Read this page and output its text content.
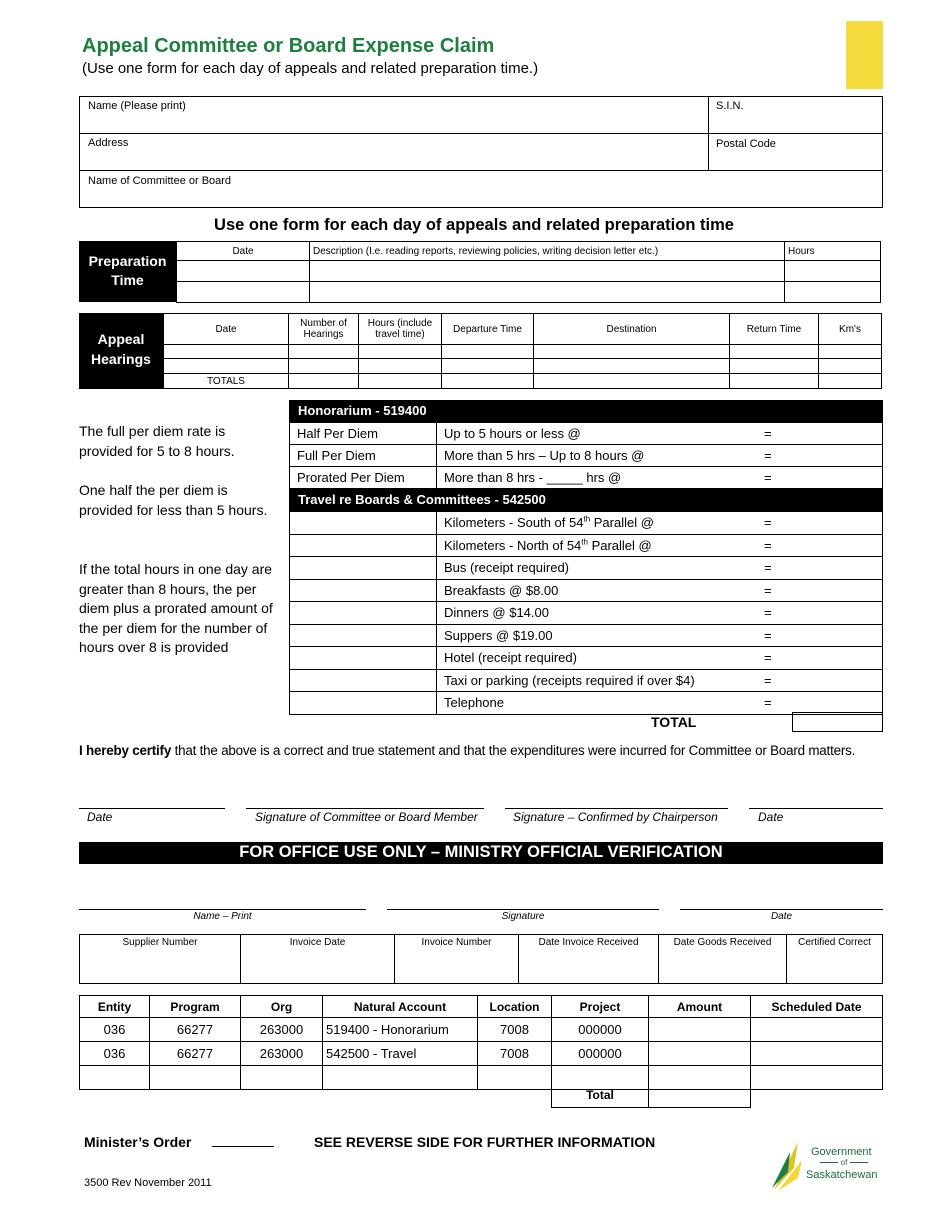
Appeal Committee or Board Expense Claim
(Use one form for each day of appeals and related preparation time.)
Name (Please print)	S.I.N.
Address	Postal Code
Name of Committee or Board
Use one form for each day of appeals and related preparation time
Preparation Time
Date	Description (I.e. reading reports, reviewing policies, writing decision letter etc.)	Hours

Appeal Hearings
Date	Number of Hearings	Hours (include travel time)	Departure Time	Destination	Return Time	Km's

TOTALS						
The full per diem rate is provided for 5 to 8 hours.
One half the per diem is provided for less than 5 hours.
If the total hours in one day are greater than 8 hours, the per diem plus a prorated amount of the per diem for the number of hours over 8 is provided
Honorarium - 519400
Half Per Diem	Up to 5 hours or less @ =

Full Per Diem	More than 5 hrs – Up to 8 hours @ =

Prorated Per Diem	More than 8 hrs - _____ hrs @ =
Travel re Boards & Committees - 542500
	Kilometers - South of 54th Parallel @ =

	Kilometers - North of 54th Parallel @ =

	Bus (receipt required) =

	Breakfasts @ $8.00 =

	Dinners @ $14.00 =

	Suppers @ $19.00 =

	Hotel (receipt required) =

	Taxi or parking (receipts required if over $4) =

	Telephone =
TOTAL
I hereby certify that the above is a correct and true statement and that the expenditures were incurred for Committee or Board matters.
Date	Signature of Committee or Board Member	Signature – Confirmed by Chairperson	Date
FOR OFFICE USE ONLY – MINISTRY OFFICIAL VERIFICATION
Name – Print	Signature	Date
Supplier Number	Invoice Date	Invoice Number	Date Invoice Received	Date Goods Received	Certified Correct
Entity	Program	Org	Natural Account	Location	Project	Amount	Scheduled Date
036	66277	263000	519400 - Honorarium	7008	000000		
036	66277	263000	542500 - Travel	7008	000000		

Total
Minister’s Order	SEE REVERSE SIDE FOR FURTHER INFORMATION
3500 Rev November 2011
Government
of
Saskatchewan
